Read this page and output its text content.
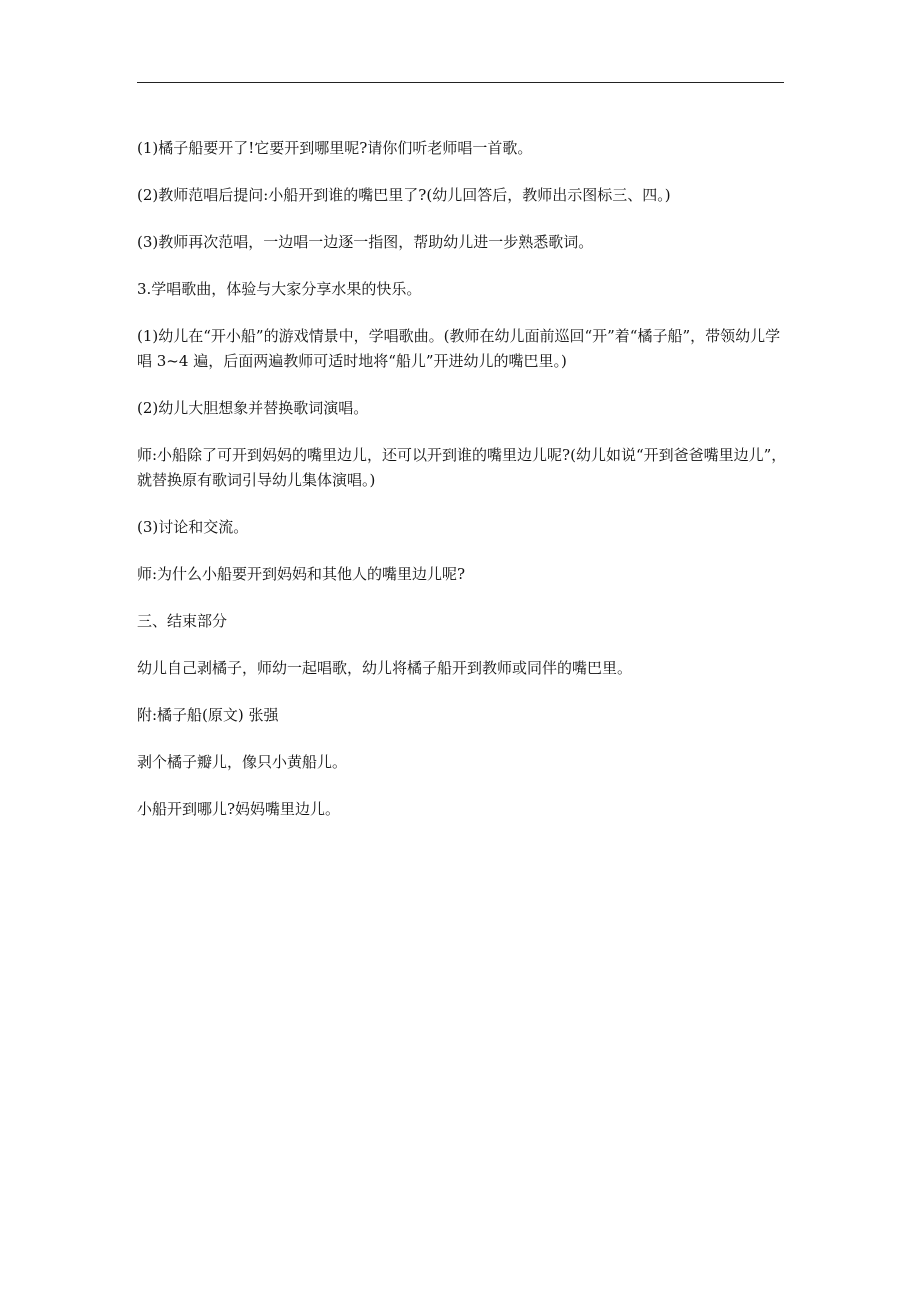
(1)橘子船要开了!它要开到哪里呢?请你们听老师唱一首歌。

(2)教师范唱后提问:小船开到谁的嘴巴里了?(幼儿回答后，教师出示图标三、四。)

(3)教师再次范唱，一边唱一边逐一指图，帮助幼儿进一步熟悉歌词。

3.学唱歌曲，体验与大家分享水果的快乐。

(1)幼儿在“开小船”的游戏情景中，学唱歌曲。(教师在幼儿面前巡回“开”着“橘子船”，带领幼儿学唱 3~4 遍，后面两遍教师可适时地将“船儿”开进幼儿的嘴巴里。)

(2)幼儿大胆想象并替换歌词演唱。

师:小船除了可开到妈妈的嘴里边儿，还可以开到谁的嘴里边儿呢?(幼儿如说“开到爸爸嘴里边儿”，就替换原有歌词引导幼儿集体演唱。)

(3)讨论和交流。

师:为什么小船要开到妈妈和其他人的嘴里边儿呢?

三、结束部分

幼儿自己剥橘子，师幼一起唱歌，幼儿将橘子船开到教师或同伴的嘴巴里。

附:橘子船(原文) 张强

剥个橘子瓣儿，像只小黄船儿。

小船开到哪儿?妈妈嘴里边儿。
